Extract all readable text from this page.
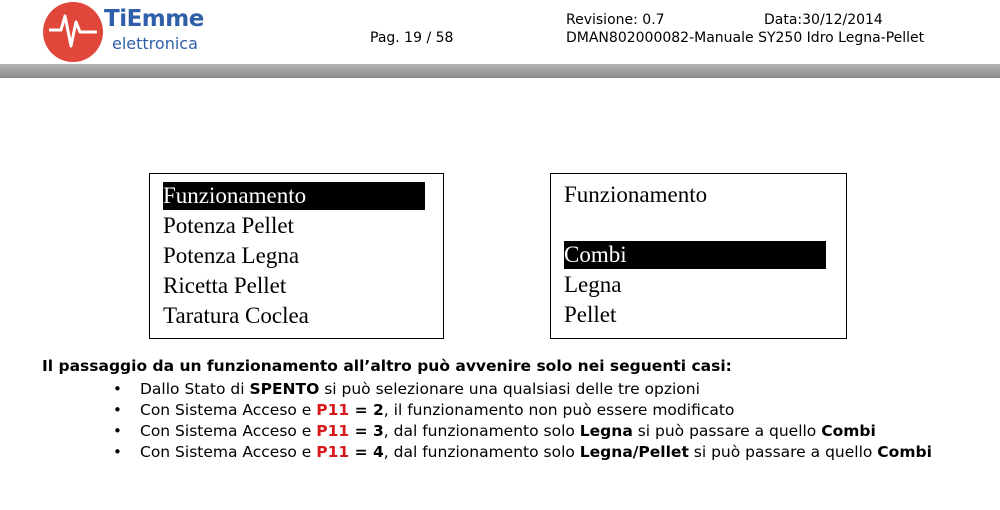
TiEmme
elettronica	Pag. 19 / 58
Revisione: 0.7	Data:30/12/2014
DMAN802000082-Manuale SY250 Idro Legna-Pellet
Funzionamento
Potenza Pellet
Potenza Legna
Ricetta Pellet
Taratura Coclea
Funzionamento
Combi
Legna
Pellet
Il passaggio da un funzionamento all’altro può avvenire solo nei seguenti casi:
• Dallo Stato di SPENTO si può selezionare una qualsiasi delle tre opzioni
• Con Sistema Acceso e P11 = 2, il funzionamento non può essere modificato
• Con Sistema Acceso e P11 = 3, dal funzionamento solo Legna si può passare a quello Combi
• Con Sistema Acceso e P11 = 4, dal funzionamento solo Legna/Pellet si può passare a quello Combi
